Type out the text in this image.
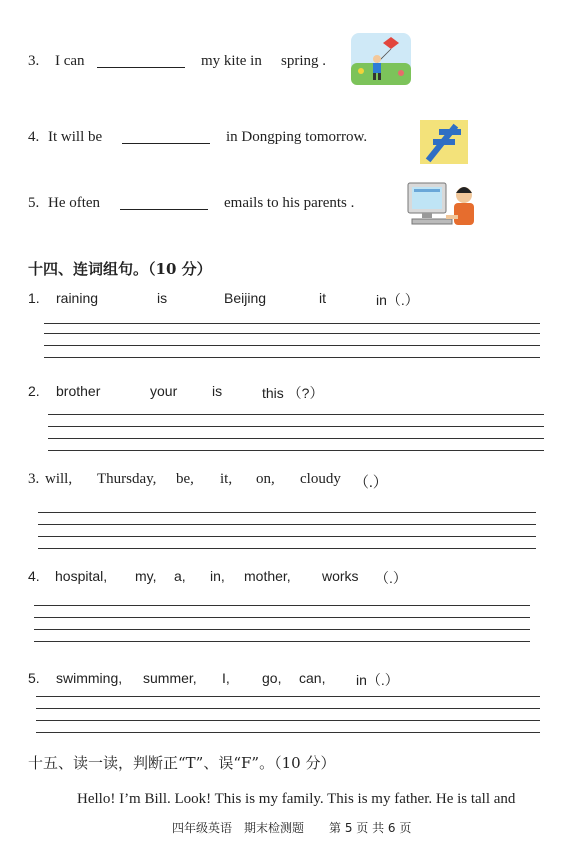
3. I can	my kite in spring .
4. It will be	in Dongping tomorrow.
5. He often	emails to his parents .
十四、连词组句。（10 分）
1. raining	is	Beijing	it	in（.）
2. brother	your is	this （?）
3. will, Thursday, be, it, on, cloudy （.）
4. hospital, my, a, in, mother, works （.）
5. swimming, summer, I, go, can, in（.）
十五、读一读，判断正“T”、误“F”。（10 分）
Hello! I’m Bill. Look! This is my family. This is my father. He is tall and
四年级英语　期末检测题 第 5 页 共 6 页
